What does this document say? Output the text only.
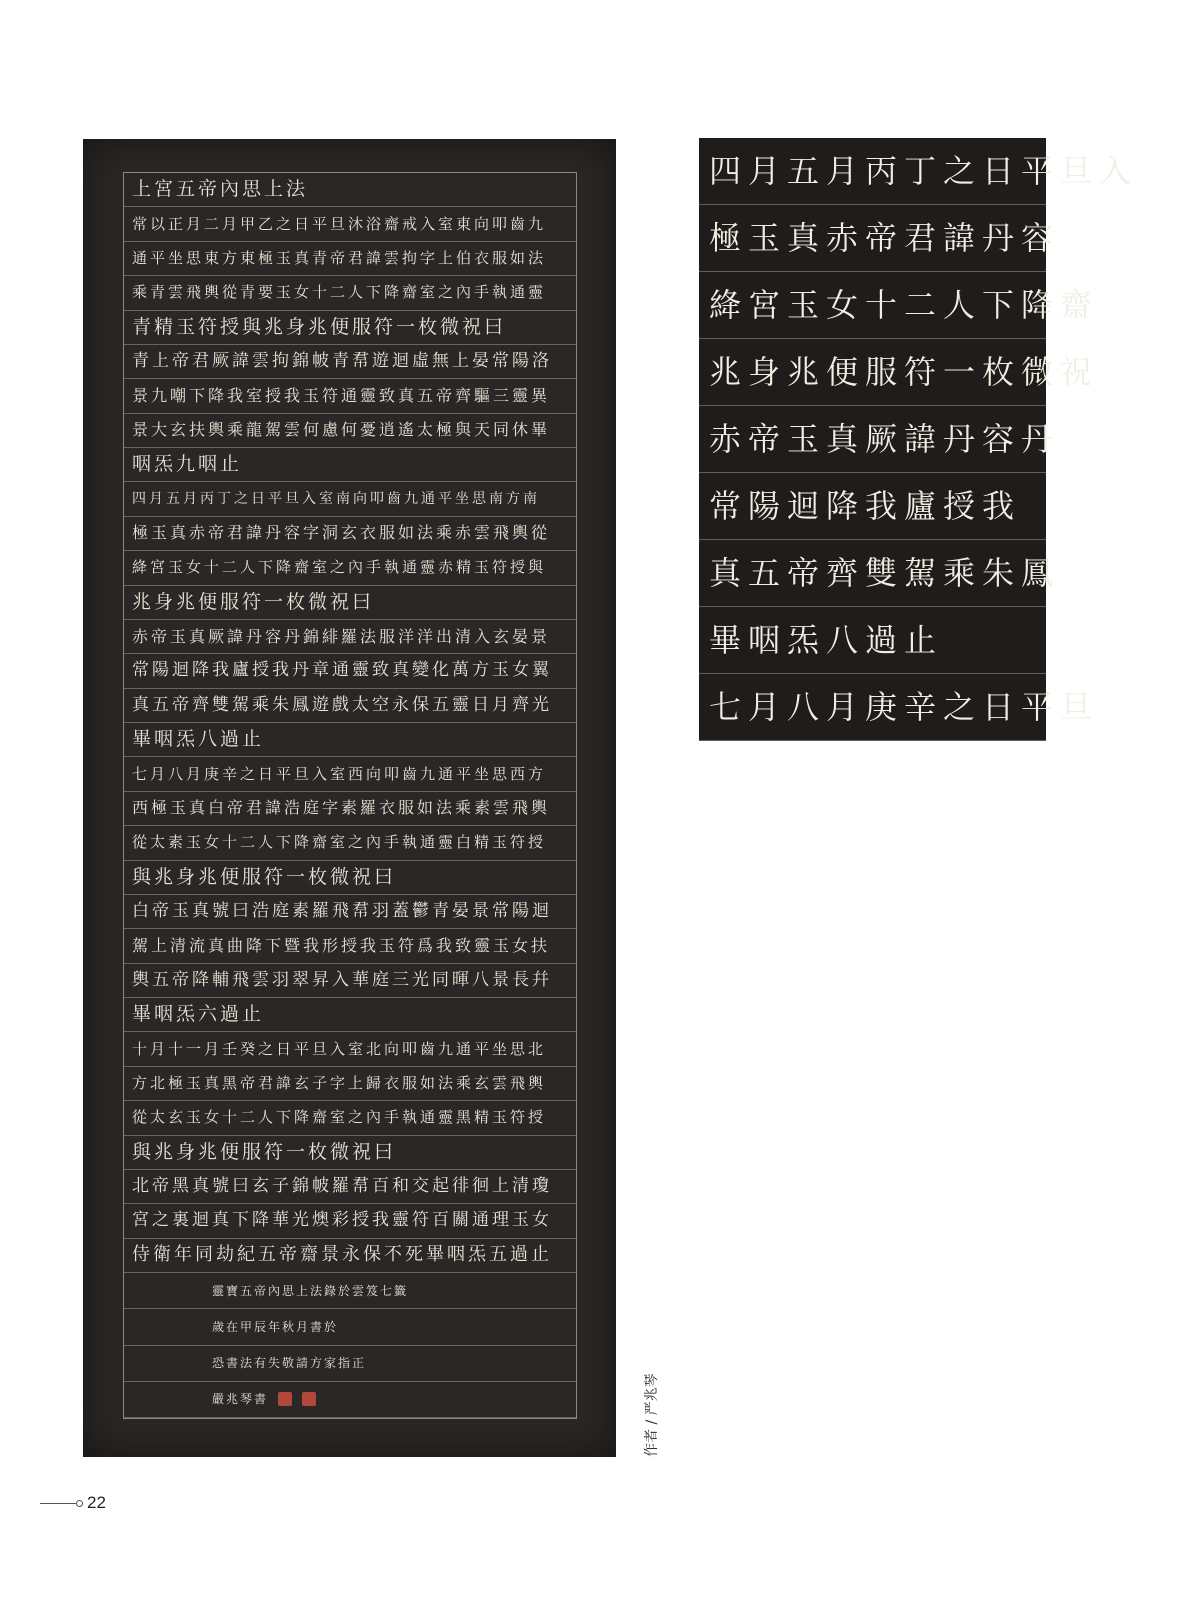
上宮五帝內思上法
常以正月二月甲乙之日平旦沐浴齋戒入室東向叩齒九
通平坐思東方東極玉真青帝君諱雲拘字上伯衣服如法
乘青雲飛輿從青要玉女十二人下降齋室之內手執通靈
青精玉符授與兆身兆便服符一枚微祝曰
青上帝君厥諱雲拘錦帔青帬遊迴虛無上晏常陽洛
景九嘲下降我室授我玉符通靈致真五帝齊驅三靈異
景大玄扶輿乘龍駕雲何慮何憂逍遙太極與天同休畢
咽炁九咽止
四月五月丙丁之日平旦入室南向叩齒九通平坐思南方南
極玉真赤帝君諱丹容字洞玄衣服如法乘赤雲飛輿從
絳宮玉女十二人下降齋室之內手執通靈赤精玉符授與
兆身兆便服符一枚微祝曰
赤帝玉真厥諱丹容丹錦緋羅法服洋洋出清入玄晏景
常陽迴降我廬授我丹章通靈致真變化萬方玉女翼
真五帝齊雙駕乘朱鳳遊戲太空永保五靈日月齊光
畢咽炁八過止
七月八月庚辛之日平旦入室西向叩齒九通平坐思西方
西極玉真白帝君諱浩庭字素羅衣服如法乘素雲飛輿
從太素玉女十二人下降齋室之內手執通靈白精玉符授
與兆身兆便服符一枚微祝曰
白帝玉真號曰浩庭素羅飛帬羽蓋鬱青晏景常陽迴
駕上清流真曲降下暨我形授我玉符爲我致靈玉女扶
輿五帝降輔飛雲羽翠昇入華庭三光同暉八景長幷
畢咽炁六過止
十月十一月壬癸之日平旦入室北向叩齒九通平坐思北
方北極玉真黑帝君諱玄子字上歸衣服如法乘玄雲飛輿
從太玄玉女十二人下降齋室之內手執通靈黑精玉符授
與兆身兆便服符一枚微祝曰
北帝黑真號曰玄子錦帔羅帬百和交起徘徊上清瓊
宮之裏迴真下降華光燠彩授我靈符百關通理玉女
侍衛年同劫紀五帝齋景永保不死畢咽炁五過止
靈寶五帝內思上法錄於雲笈七籤
歲在甲辰年秋月書於
恐書法有失敬請方家指正
嚴兆琴書
四月五月丙丁之日平旦入
極玉真赤帝君諱丹容
絳宮玉女十二人下降齋
兆身兆便服符一枚微祝
赤帝玉真厥諱丹容丹
常陽迴降我廬授我
真五帝齊雙駕乘朱鳳
畢咽炁八過止
七月八月庚辛之日平旦
作者 / 严兆琴
22
